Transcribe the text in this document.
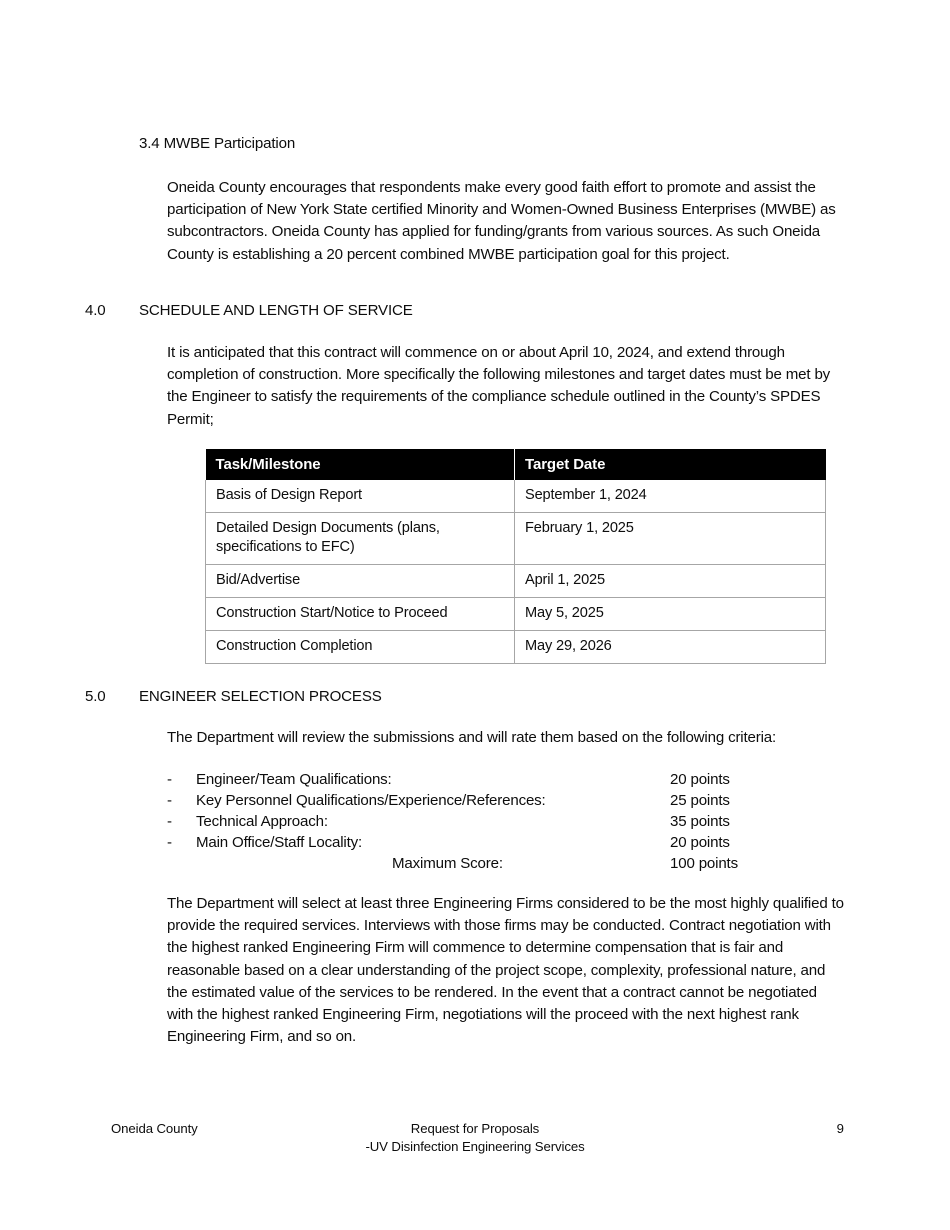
3.4 MWBE Participation
Oneida County encourages that respondents make every good faith effort to promote and assist the participation of New York State certified Minority and Women-Owned Business Enterprises (MWBE) as subcontractors. Oneida County has applied for funding/grants from various sources. As such Oneida County is establishing a 20 percent combined MWBE participation goal for this project.
4.0 SCHEDULE AND LENGTH OF SERVICE
It is anticipated that this contract will commence on or about April 10, 2024, and extend through completion of construction. More specifically the following milestones and target dates must be met by the Engineer to satisfy the requirements of the compliance schedule outlined in the County’s SPDES Permit;
Task/Milestone	Target Date
Basis of Design Report	September 1, 2024
Detailed Design Documents (plans, specifications to EFC)	February 1, 2025
Bid/Advertise	April 1, 2025
Construction Start/Notice to Proceed	May 5, 2025
Construction Completion	May 29, 2026
5.0 ENGINEER SELECTION PROCESS
The Department will review the submissions and will rate them based on the following criteria:
- Engineer/Team Qualifications:	20 points
- Key Personnel Qualifications/Experience/References:	25 points
- Technical Approach:	35 points
- Main Office/Staff Locality:	20 points
Maximum Score:	100 points
The Department will select at least three Engineering Firms considered to be the most highly qualified to provide the required services. Interviews with those firms may be conducted. Contract negotiation with the highest ranked Engineering Firm will commence to determine compensation that is fair and reasonable based on a clear understanding of the project scope, complexity, professional nature, and the estimated value of the services to be rendered. In the event that a contract cannot be negotiated with the highest ranked Engineering Firm, negotiations will the proceed with the next highest rank Engineering Firm, and so on.
Oneida County	Request for Proposals
-UV Disinfection Engineering Services
9
